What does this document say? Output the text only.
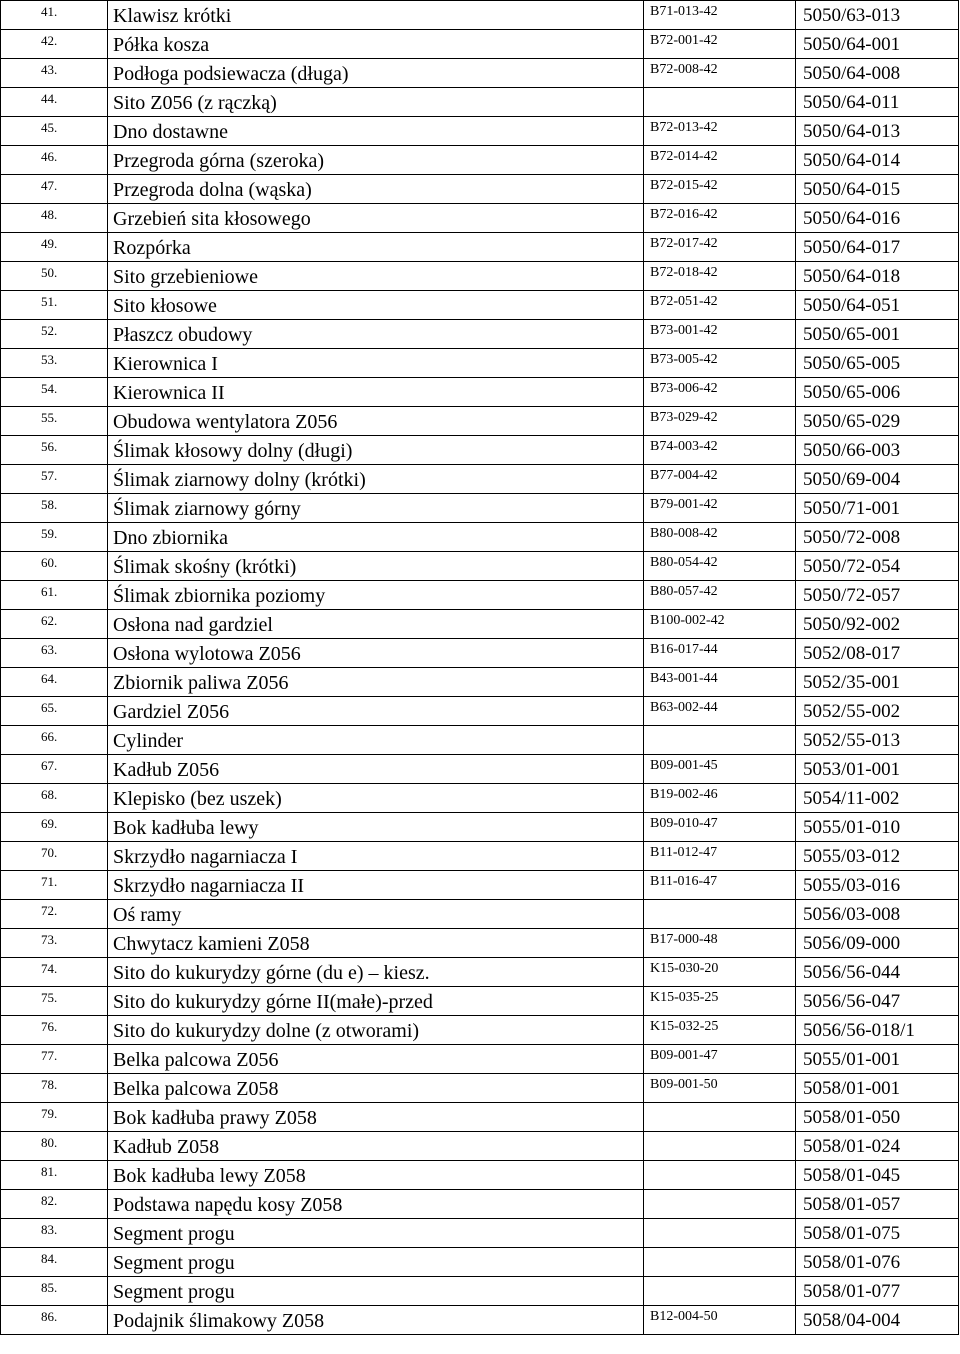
41.	Klawisz krótki	B71-013-42	5050/63-013
42.	Półka kosza	B72-001-42	5050/64-001
43.	Podłoga podsiewacza (długa)	B72-008-42	5050/64-008
44.	Sito Z056 (z rączką)		5050/64-011
45.	Dno dostawne	B72-013-42	5050/64-013
46.	Przegroda górna (szeroka)	B72-014-42	5050/64-014
47.	Przegroda dolna (wąska)	B72-015-42	5050/64-015
48.	Grzebień sita kłosowego	B72-016-42	5050/64-016
49.	Rozpórka	B72-017-42	5050/64-017
50.	Sito grzebieniowe	B72-018-42	5050/64-018
51.	Sito kłosowe	B72-051-42	5050/64-051
52.	Płaszcz obudowy	B73-001-42	5050/65-001
53.	Kierownica I	B73-005-42	5050/65-005
54.	Kierownica II	B73-006-42	5050/65-006
55.	Obudowa wentylatora Z056	B73-029-42	5050/65-029
56.	Ślimak kłosowy dolny (długi)	B74-003-42	5050/66-003
57.	Ślimak ziarnowy dolny (krótki)	B77-004-42	5050/69-004
58.	Ślimak ziarnowy górny	B79-001-42	5050/71-001
59.	Dno zbiornika	B80-008-42	5050/72-008
60.	Ślimak skośny (krótki)	B80-054-42	5050/72-054
61.	Ślimak zbiornika poziomy	B80-057-42	5050/72-057
62.	Osłona nad gardziel	B100-002-42	5050/92-002
63.	Osłona wylotowa Z056	B16-017-44	5052/08-017
64.	Zbiornik paliwa Z056	B43-001-44	5052/35-001
65.	Gardziel Z056	B63-002-44	5052/55-002
66.	Cylinder		5052/55-013
67.	Kadłub Z056	B09-001-45	5053/01-001
68.	Klepisko (bez uszek)	B19-002-46	5054/11-002
69.	Bok kadłuba lewy	B09-010-47	5055/01-010
70.	Skrzydło nagarniacza I	B11-012-47	5055/03-012
71.	Skrzydło nagarniacza II	B11-016-47	5055/03-016
72.	Oś ramy		5056/03-008
73.	Chwytacz kamieni Z058	B17-000-48	5056/09-000
74.	Sito do kukurydzy górne (du e) – kiesz.	K15-030-20	5056/56-044
75.	Sito do kukurydzy górne II(małe)-przed	K15-035-25	5056/56-047
76.	Sito do kukurydzy dolne (z otworami)	K15-032-25	5056/56-018/1
77.	Belka palcowa Z056	B09-001-47	5055/01-001
78.	Belka palcowa Z058	B09-001-50	5058/01-001
79.	Bok kadłuba prawy Z058		5058/01-050
80.	Kadłub Z058		5058/01-024
81.	Bok kadłuba lewy Z058		5058/01-045
82.	Podstawa napędu kosy Z058		5058/01-057
83.	Segment progu		5058/01-075
84.	Segment progu		5058/01-076
85.	Segment progu		5058/01-077
86.	Podajnik ślimakowy Z058	B12-004-50	5058/04-004
